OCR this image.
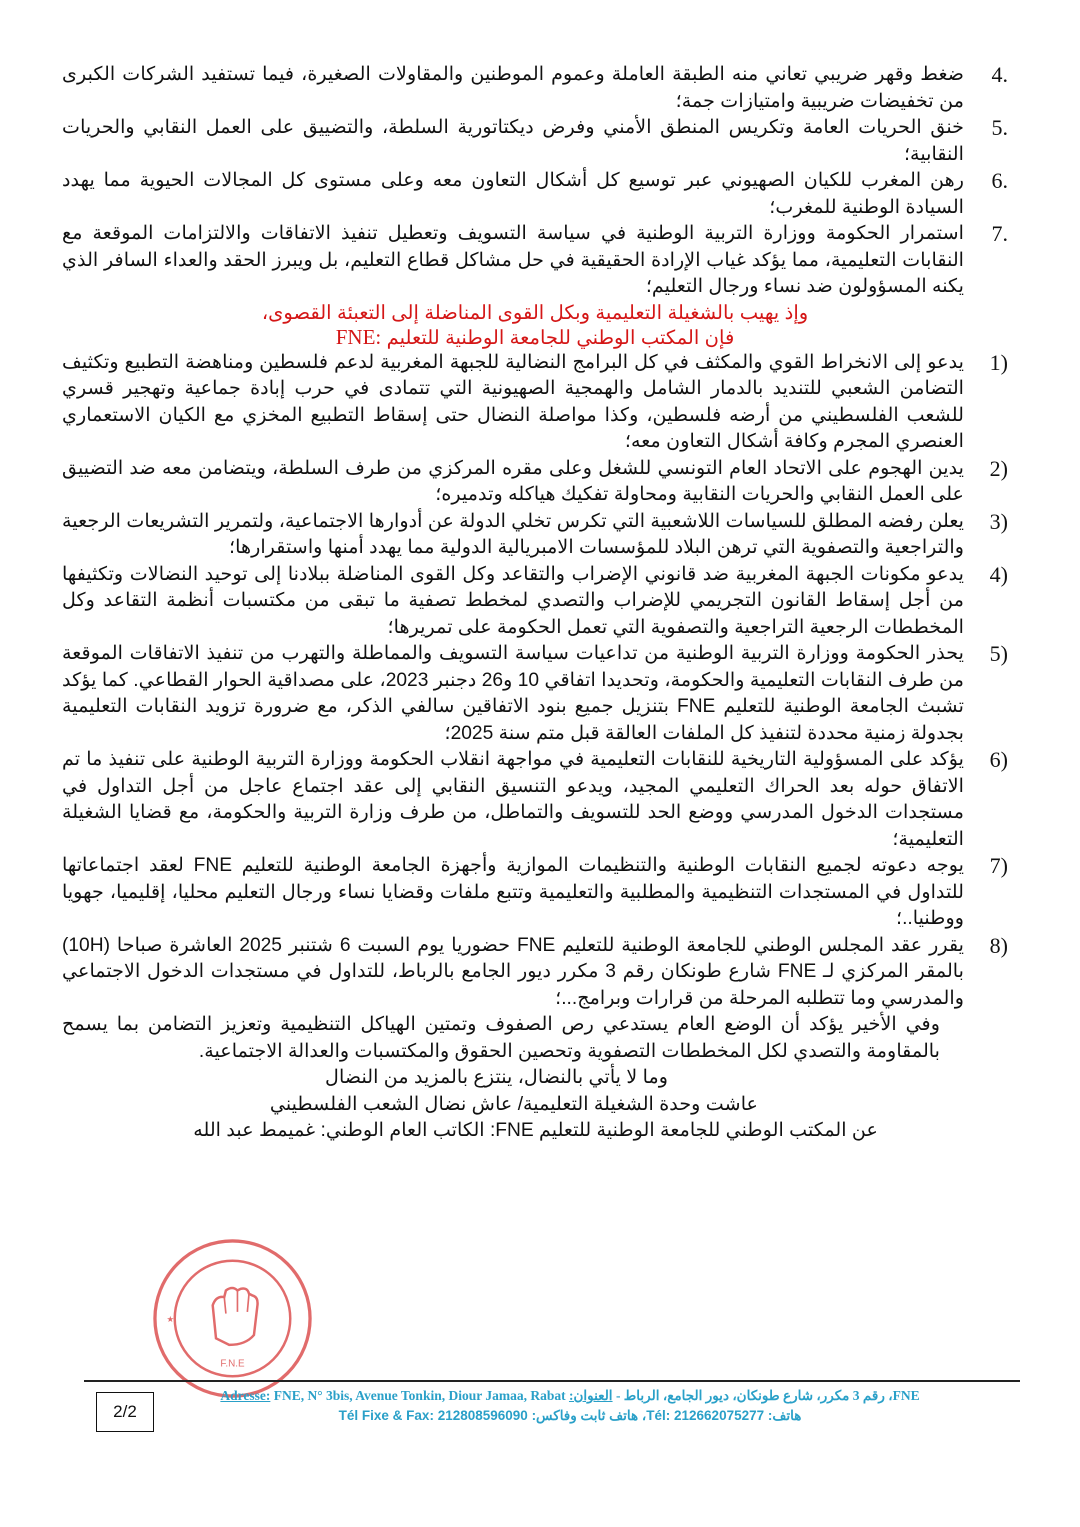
4.
ضغط وقهر ضريبي تعاني منه الطبقة العاملة وعموم الموطنين والمقاولات الصغيرة، فيما تستفيد الشركات الكبرى من تخفيضات ضريبية وامتيازات جمة؛
5.
خنق الحريات العامة وتكريس المنطق الأمني وفرض ديكتاتورية السلطة، والتضييق على العمل النقابي والحريات النقابية؛
6.
رهن المغرب للكيان الصهيوني عبر توسيع كل أشكال التعاون معه وعلى مستوى كل المجالات الحيوية مما يهدد السيادة الوطنية للمغرب؛
7.
استمرار الحكومة ووزارة التربية الوطنية في سياسة التسويف وتعطيل تنفيذ الاتفاقات والالتزامات الموقعة مع النقابات التعليمية، مما يؤكد غياب الإرادة الحقيقية في حل مشاكل قطاع التعليم، بل ويبرز الحقد والعداء السافر الذي يكنه المسؤولون ضد نساء ورجال التعليم؛
وإذ يهيب بالشغيلة التعليمية وبكل القوى المناضلة إلى التعبئة القصوى،
فإن المكتب الوطني للجامعة الوطنية للتعليم FNE:
1)
يدعو إلى الانخراط القوي والمكثف في كل البرامج النضالية للجبهة المغربية لدعم فلسطين ومناهضة التطبيع وتكثيف التضامن الشعبي للتنديد بالدمار الشامل والهمجية الصهيونية التي تتمادى في حرب إبادة جماعية وتهجير قسري للشعب الفلسطيني من أرضه فلسطين، وكذا مواصلة النضال حتى إسقاط التطبيع المخزي مع الكيان الاستعماري العنصري المجرم وكافة أشكال التعاون معه؛
2)
يدين الهجوم على الاتحاد العام التونسي للشغل وعلى مقره المركزي من طرف السلطة، ويتضامن معه ضد التضييق على العمل النقابي والحريات النقابية ومحاولة تفكيك هياكله وتدميره؛
3)
يعلن رفضه المطلق للسياسات اللاشعبية التي تكرس تخلي الدولة عن أدوارها الاجتماعية، ولتمرير التشريعات الرجعية والتراجعية والتصفوية التي ترهن البلاد للمؤسسات الامبريالية الدولية مما يهدد أمنها واستقرارها؛
4)
يدعو مكونات الجبهة المغربية ضد قانوني الإضراب والتقاعد وكل القوى المناضلة ببلادنا إلى توحيد النضالات وتكثيفها من أجل إسقاط القانون التجريمي للإضراب والتصدي لمخطط تصفية ما تبقى من مكتسبات أنظمة التقاعد وكل المخططات الرجعية التراجعية والتصفوية التي تعمل الحكومة على تمريرها؛
5)
يحذر الحكومة ووزارة التربية الوطنية من تداعيات سياسة التسويف والمماطلة والتهرب من تنفيذ الاتفاقات الموقعة من طرف النقابات التعليمية والحكومة، وتحديدا اتفاقي 10 و26 دجنبر 2023، على مصداقية الحوار القطاعي. كما يؤكد تشبث الجامعة الوطنية للتعليم FNE بتنزيل جميع بنود الاتفاقين سالفي الذكر، مع ضرورة تزويد النقابات التعليمية بجدولة زمنية محددة لتنفيذ كل الملفات العالقة قبل متم سنة 2025؛
6)
يؤكد على المسؤولية التاريخية للنقابات التعليمية في مواجهة انقلاب الحكومة ووزارة التربية الوطنية على تنفيذ ما تم الاتفاق حوله بعد الحراك التعليمي المجيد، ويدعو التنسيق النقابي إلى عقد اجتماع عاجل من أجل التداول في مستجدات الدخول المدرسي ووضع الحد للتسويف والتماطل، من طرف وزارة التربية والحكومة، مع قضايا الشغيلة التعليمية؛
7)
يوجه دعوته لجميع النقابات الوطنية والتنظيمات الموازية وأجهزة الجامعة الوطنية للتعليم FNE لعقد اجتماعاتها للتداول في المستجدات التنظيمية والمطلبية والتعليمية وتتبع ملفات وقضايا نساء ورجال التعليم محليا، إقليميا، جهويا ووطنيا..؛
8)
يقرر عقد المجلس الوطني للجامعة الوطنية للتعليم FNE حضوريا يوم السبت 6 شتنبر 2025 العاشرة صباحا (10H) بالمقر المركزي لـ FNE شارع طونكان رقم 3 مكرر ديور الجامع بالرباط، للتداول في مستجدات الدخول الاجتماعي والمدرسي وما تتطلبه المرحلة من قرارات وبرامج...؛

وفي الأخير يؤكد أن الوضع العام يستدعي رص الصفوف وتمتين الهياكل التنظيمية وتعزيز التضامن بما يسمح بالمقاومة والتصدي لكل المخططات التصفوية وتحصين الحقوق والمكتسبات والعدالة الاجتماعية.

وما لا يأتي بالنضال، ينتزع بالمزيد من النضال

عاشت وحدة الشغيلة التعليمية/ عاش نضال الشعب الفلسطيني

عن المكتب الوطني للجامعة الوطنية للتعليم FNE: الكاتب العام الوطني: غميمط عبد الله

F.N.E
★
2/2
Adresse: FNE, N° 3bis, Avenue Tonkin, Diour Jamaa, Rabat	FNE، رقم 3 مكرر، شارع طونكان، ديور الجامع، الرباط - العنوان:
هاتف: 212662075277 :Tél، هاتف ثابت وفاكس: 212808596090 :Tél Fixe & Fax
